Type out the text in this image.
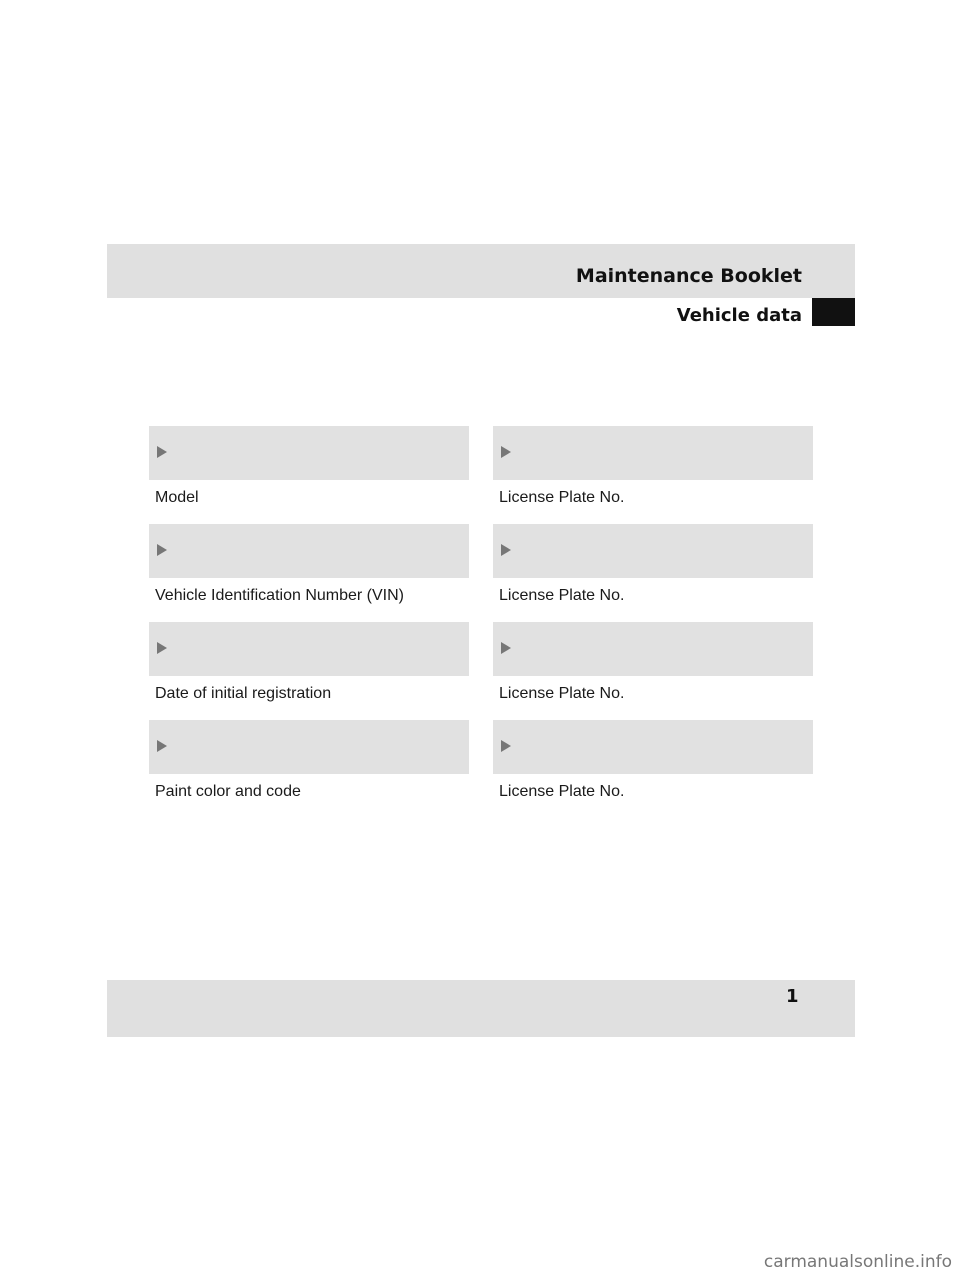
Maintenance Booklet
Vehicle data
Model
Vehicle Identification Number (VIN)
Date of initial registration
Paint color and code
License Plate No.
License Plate No.
License Plate No.
License Plate No.
1
carmanualsonline.info
